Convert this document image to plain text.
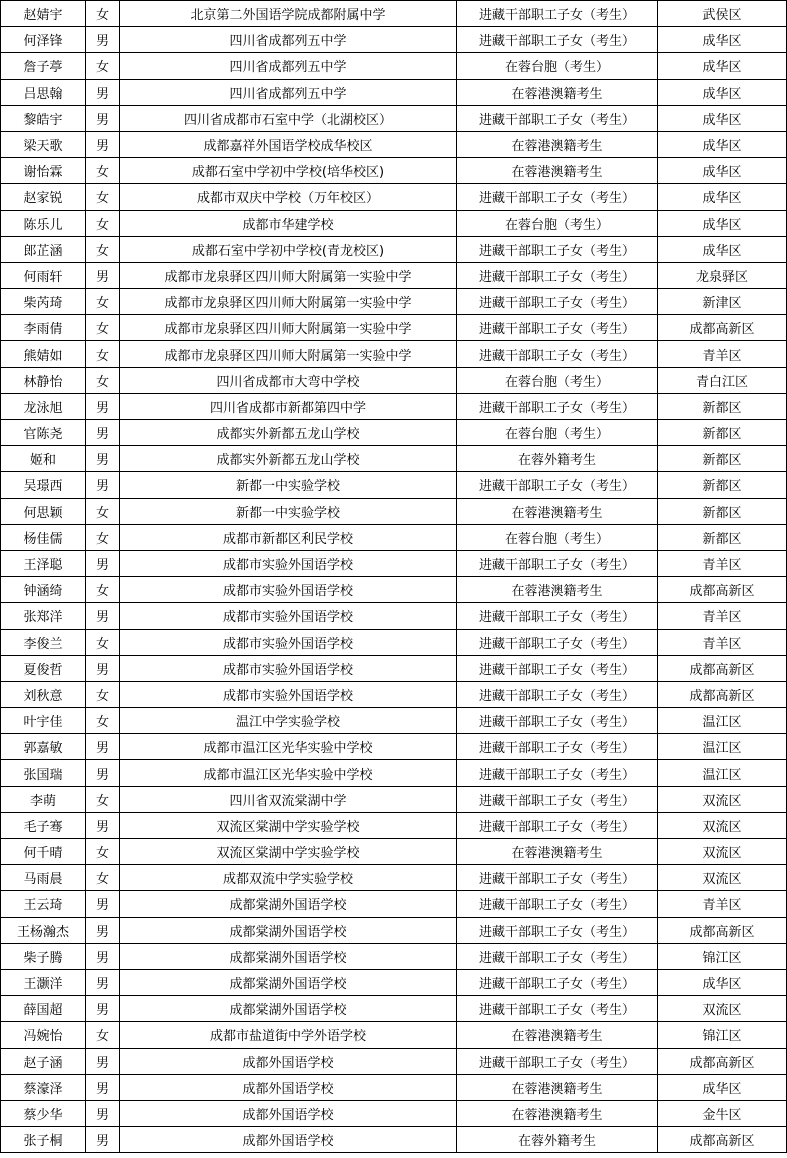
赵婧宇	女	北京第二外国语学院成都附属中学	进藏干部职工子女（考生）	武侯区
何泽锋	男	四川省成都列五中学	进藏干部职工子女（考生）	成华区
詹子葶	女	四川省成都列五中学	在蓉台胞（考生）	成华区
吕思翰	男	四川省成都列五中学	在蓉港澳籍考生	成华区
黎皓宇	男	四川省成都市石室中学（北湖校区）	进藏干部职工子女（考生）	成华区
梁天歌	男	成都嘉祥外国语学校成华校区	在蓉港澳籍考生	成华区
谢怡霖	女	成都石室中学初中学校(培华校区)	在蓉港澳籍考生	成华区
赵家锐	女	成都市双庆中学校（万年校区）	进藏干部职工子女（考生）	成华区
陈乐儿	女	成都市华建学校	在蓉台胞（考生）	成华区
郎芷涵	女	成都石室中学初中学校(青龙校区)	进藏干部职工子女（考生）	成华区
何雨轩	男	成都市龙泉驿区四川师大附属第一实验中学	进藏干部职工子女（考生）	龙泉驿区
柴芮琦	女	成都市龙泉驿区四川师大附属第一实验中学	进藏干部职工子女（考生）	新津区
李雨倩	女	成都市龙泉驿区四川师大附属第一实验中学	进藏干部职工子女（考生）	成都高新区
熊婧如	女	成都市龙泉驿区四川师大附属第一实验中学	进藏干部职工子女（考生）	青羊区
林静怡	女	四川省成都市大弯中学校	在蓉台胞（考生）	青白江区
龙泳旭	男	四川省成都市新都第四中学	进藏干部职工子女（考生）	新都区
官陈尧	男	成都实外新都五龙山学校	在蓉台胞（考生）	新都区
姬和	男	成都实外新都五龙山学校	在蓉外籍考生	新都区
吴璟西	男	新都一中实验学校	进藏干部职工子女（考生）	新都区
何思颖	女	新都一中实验学校	在蓉港澳籍考生	新都区
杨佳儒	女	成都市新都区利民学校	在蓉台胞（考生）	新都区
王泽聪	男	成都市实验外国语学校	进藏干部职工子女（考生）	青羊区
钟涵绮	女	成都市实验外国语学校	在蓉港澳籍考生	成都高新区
张郑洋	男	成都市实验外国语学校	进藏干部职工子女（考生）	青羊区
李俊兰	女	成都市实验外国语学校	进藏干部职工子女（考生）	青羊区
夏俊哲	男	成都市实验外国语学校	进藏干部职工子女（考生）	成都高新区
刘秋意	女	成都市实验外国语学校	进藏干部职工子女（考生）	成都高新区
叶宇佳	女	温江中学实验学校	进藏干部职工子女（考生）	温江区
郭嘉敏	男	成都市温江区光华实验中学校	进藏干部职工子女（考生）	温江区
张国瑞	男	成都市温江区光华实验中学校	进藏干部职工子女（考生）	温江区
李萌	女	四川省双流棠湖中学	进藏干部职工子女（考生）	双流区
毛子骞	男	双流区棠湖中学实验学校	进藏干部职工子女（考生）	双流区
何千晴	女	双流区棠湖中学实验学校	在蓉港澳籍考生	双流区
马雨晨	女	成都双流中学实验学校	进藏干部职工子女（考生）	双流区
王云琦	男	成都棠湖外国语学校	进藏干部职工子女（考生）	青羊区
王杨瀚杰	男	成都棠湖外国语学校	进藏干部职工子女（考生）	成都高新区
柴子腾	男	成都棠湖外国语学校	进藏干部职工子女（考生）	锦江区
王灏洋	男	成都棠湖外国语学校	进藏干部职工子女（考生）	成华区
薛国超	男	成都棠湖外国语学校	进藏干部职工子女（考生）	双流区
冯婉怡	女	成都市盐道街中学外语学校	在蓉港澳籍考生	锦江区
赵子涵	男	成都外国语学校	进藏干部职工子女（考生）	成都高新区
蔡濠泽	男	成都外国语学校	在蓉港澳籍考生	成华区
蔡少华	男	成都外国语学校	在蓉港澳籍考生	金牛区
张子桐	男	成都外国语学校	在蓉外籍考生	成都高新区
